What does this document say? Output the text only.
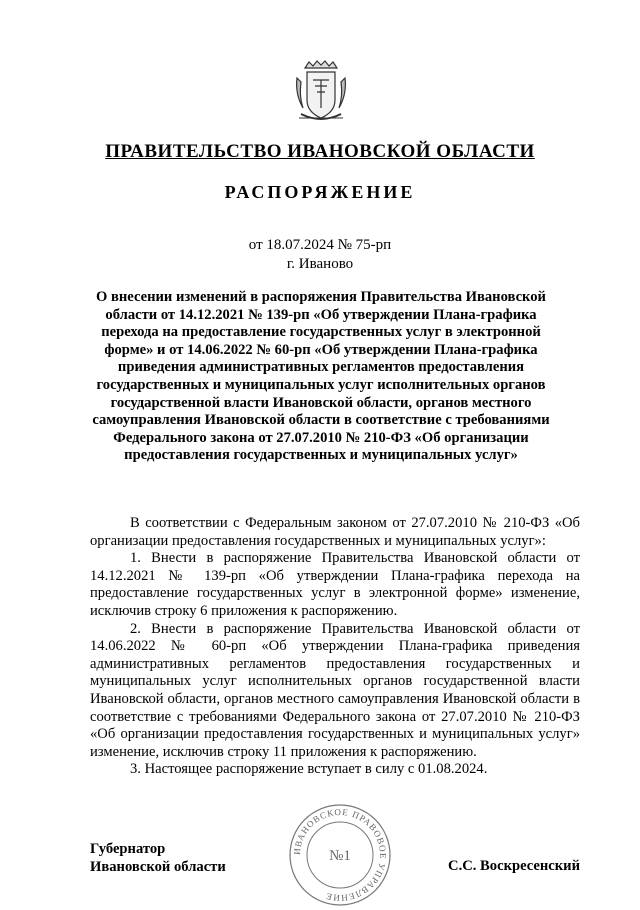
ПРАВИТЕЛЬСТВО ИВАНОВСКОЙ ОБЛАСТИ
РАСПОРЯЖЕНИЕ
от 18.07.2024 № 75-рп
г. Иваново
О внесении изменений в распоряжения Правительства Ивановской области от 14.12.2021 № 139-рп «Об утверждении Плана-графика перехода на предоставление государственных услуг в электронной форме» и от 14.06.2022 № 60-рп «Об утверждении Плана-графика приведения административных регламентов предоставления государственных и муниципальных услуг исполнительных органов государственной власти Ивановской области, органов местного самоуправления Ивановской области в соответствие с требованиями Федерального закона от 27.07.2010 № 210-ФЗ «Об организации предоставления государственных и муниципальных услуг»

В соответствии с Федеральным законом от 27.07.2010 № 210-ФЗ «Об организации предоставления государственных и муниципальных услуг»:

1. Внести в распоряжение Правительства Ивановской области от 14.12.2021 № 139-рп «Об утверждении Плана-графика перехода на предоставление государственных услуг в электронной форме» изменение, исключив строку 6 приложения к распоряжению.

2. Внести в распоряжение Правительства Ивановской области от 14.06.2022 № 60-рп «Об утверждении Плана-графика приведения административных регламентов предоставления государственных и муниципальных услуг исполнительных органов государственной власти Ивановской области, органов местного самоуправления Ивановской области в соответствие с требованиями Федерального закона от 27.07.2010 № 210-ФЗ «Об организации предоставления государственных и муниципальных услуг» изменение, исключив строку 11 приложения к распоряжению.

3. Настоящее распоряжение вступает в силу с 01.08.2024.

Губернатор
Ивановской области	С.С. Воскресенский
ИВАНОВСКОЕ ПРАВОВОЕ УПРАВЛЕНИЕ
№1
